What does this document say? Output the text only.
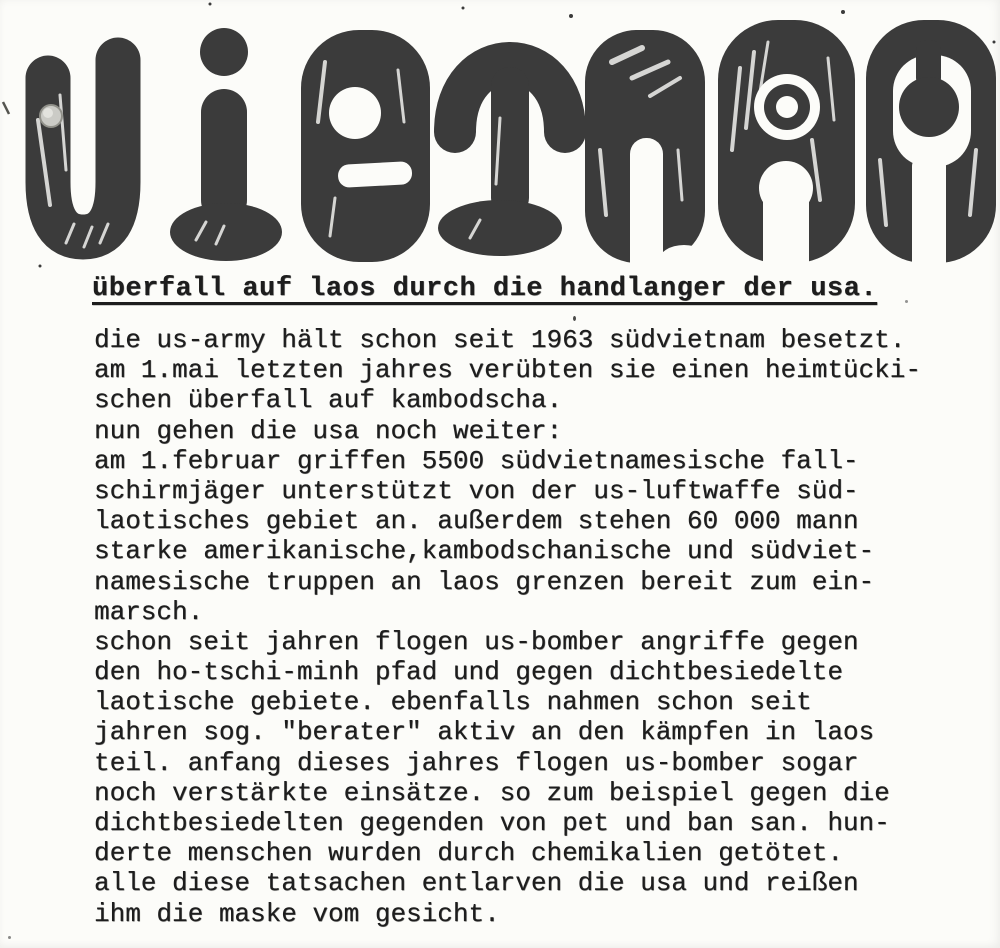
überfall auf laos durch die handlanger der usa.
die us-army hält schon seit 1963 südvietnam besetzt.
am 1.mai letzten jahres verübten sie einen heimtücki-
schen überfall auf kambodscha.
nun gehen die usa noch weiter:
am 1.februar griffen 5500 südvietnamesische fall-
schirmjäger unterstützt von der us-luftwaffe süd-
laotisches gebiet an. außerdem stehen 60 000 mann
starke amerikanische,kambodschanische und südviet-
namesische truppen an laos grenzen bereit zum ein-
marsch.
schon seit jahren flogen us-bomber angriffe gegen
den ho-tschi-minh pfad und gegen dichtbesiedelte
laotische gebiete. ebenfalls nahmen schon seit
jahren sog. "berater" aktiv an den kämpfen in laos
teil. anfang dieses jahres flogen us-bomber sogar
noch verstärkte einsätze. so zum beispiel gegen die
dichtbesiedelten gegenden von pet und ban san. hun-
derte menschen wurden durch chemikalien getötet.
alle diese tatsachen entlarven die usa und reißen
ihm die maske vom gesicht.
